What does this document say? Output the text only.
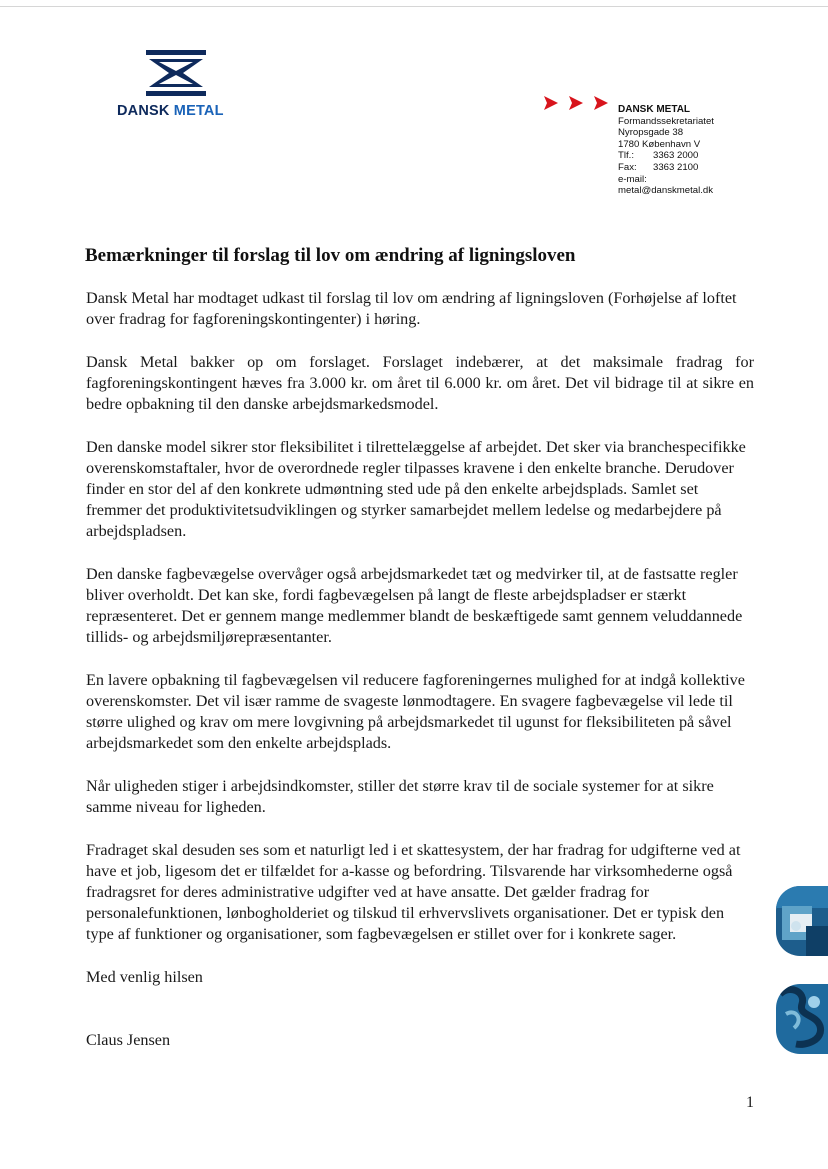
DANSK METAL	DANSK METAL
Formandssekretariatet
Nyropsgade 38
1780 København V
Tlf.: 3363 2000
Fax: 3363 2100
e-mail:
metal@danskmetal.dk
Bemærkninger til forslag til lov om ændring af ligningsloven

Dansk Metal har modtaget udkast til forslag til lov om ændring af ligningsloven (Forhøjelse af loftet over fradrag for fagforeningskontingenter) i høring.

Dansk Metal bakker op om forslaget. Forslaget indebærer, at det maksimale fradrag for fagforeningskontingent hæves fra 3.000 kr. om året til 6.000 kr. om året. Det vil bidrage til at sikre en bedre opbakning til den danske arbejdsmarkedsmodel.

Den danske model sikrer stor fleksibilitet i tilrettelæggelse af arbejdet. Det sker via branchespecifikke overenskomstaftaler, hvor de overordnede regler tilpasses kravene i den enkelte branche. Derudover finder en stor del af den konkrete udmøntning sted ude på den enkelte arbejdsplads. Samlet set fremmer det produktivitetsudviklingen og styrker samarbejdet mellem ledelse og medarbejdere på arbejdspladsen.

Den danske fagbevægelse overvåger også arbejdsmarkedet tæt og medvirker til, at de fastsatte regler bliver overholdt. Det kan ske, fordi fagbevægelsen på langt de fleste arbejdspladser er stærkt repræsenteret. Det er gennem mange medlemmer blandt de beskæftigede samt gennem veluddannede tillids- og arbejdsmiljørepræsentanter.

En lavere opbakning til fagbevægelsen vil reducere fagforeningernes mulighed for at indgå kollektive overenskomster. Det vil især ramme de svageste lønmodtagere. En svagere fagbevægelse vil lede til større ulighed og krav om mere lovgivning på arbejdsmarkedet til ugunst for fleksibiliteten på såvel arbejdsmarkedet som den enkelte arbejdsplads.

Når uligheden stiger i arbejdsindkomster, stiller det større krav til de sociale systemer for at sikre samme niveau for ligheden.

Fradraget skal desuden ses som et naturligt led i et skattesystem, der har fradrag for udgifterne ved at have et job, ligesom det er tilfældet for a-kasse og befordring. Tilsvarende har virksomhederne også fradragsret for deres administrative udgifter ved at have ansatte. Det gælder fradrag for personalefunktionen, lønbogholderiet og tilskud til erhvervslivets organisationer. Det er typisk den type af funktioner og organisationer, som fagbevægelsen er stillet over for i konkrete sager.

Med venlig hilsen

Claus Jensen

1
